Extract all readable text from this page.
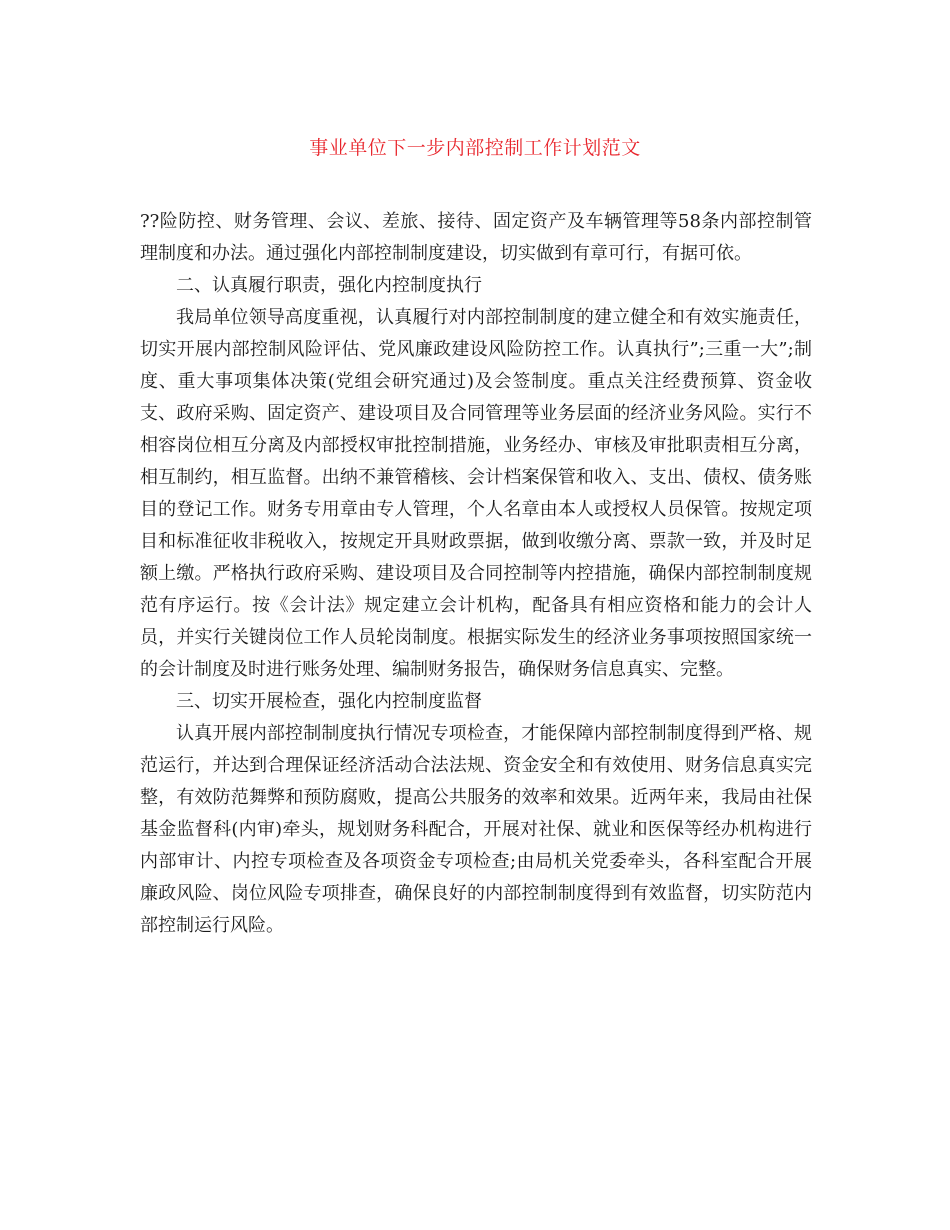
事业单位下一步内部控制工作计划范文

??险防控、财务管理、会议、差旅、接待、固定资产及车辆管理等58条内部控制管理制度和办法。通过强化内部控制制度建设，切实做到有章可行，有据可依。

二、认真履行职责，强化内控制度执行

我局单位领导高度重视，认真履行对内部控制制度的建立健全和有效实施责任，切实开展内部控制风险评估、党风廉政建设风险防控工作。认真执行”;三重一大”;制度、重大事项集体决策(党组会研究通过)及会签制度。重点关注经费预算、资金收支、政府采购、固定资产、建设项目及合同管理等业务层面的经济业务风险。实行不相容岗位相互分离及内部授权审批控制措施，业务经办、审核及审批职责相互分离，相互制约，相互监督。出纳不兼管稽核、会计档案保管和收入、支出、债权、债务账目的登记工作。财务专用章由专人管理，个人名章由本人或授权人员保管。按规定项目和标准征收非税收入，按规定开具财政票据，做到收缴分离、票款一致，并及时足额上缴。严格执行政府采购、建设项目及合同控制等内控措施，确保内部控制制度规范有序运行。按《会计法》规定建立会计机构，配备具有相应资格和能力的会计人员，并实行关键岗位工作人员轮岗制度。根据实际发生的经济业务事项按照国家统一的会计制度及时进行账务处理、编制财务报告，确保财务信息真实、完整。

三、切实开展检查，强化内控制度监督

认真开展内部控制制度执行情况专项检查，才能保障内部控制制度得到严格、规范运行，并达到合理保证经济活动合法法规、资金安全和有效使用、财务信息真实完整，有效防范舞弊和预防腐败，提高公共服务的效率和效果。近两年来，我局由社保基金监督科(内审)牵头，规划财务科配合，开展对社保、就业和医保等经办机构进行内部审计、内控专项检查及各项资金专项检查;由局机关党委牵头，各科室配合开展廉政风险、岗位风险专项排查，确保良好的内部控制制度得到有效监督，切实防范内部控制运行风险。
